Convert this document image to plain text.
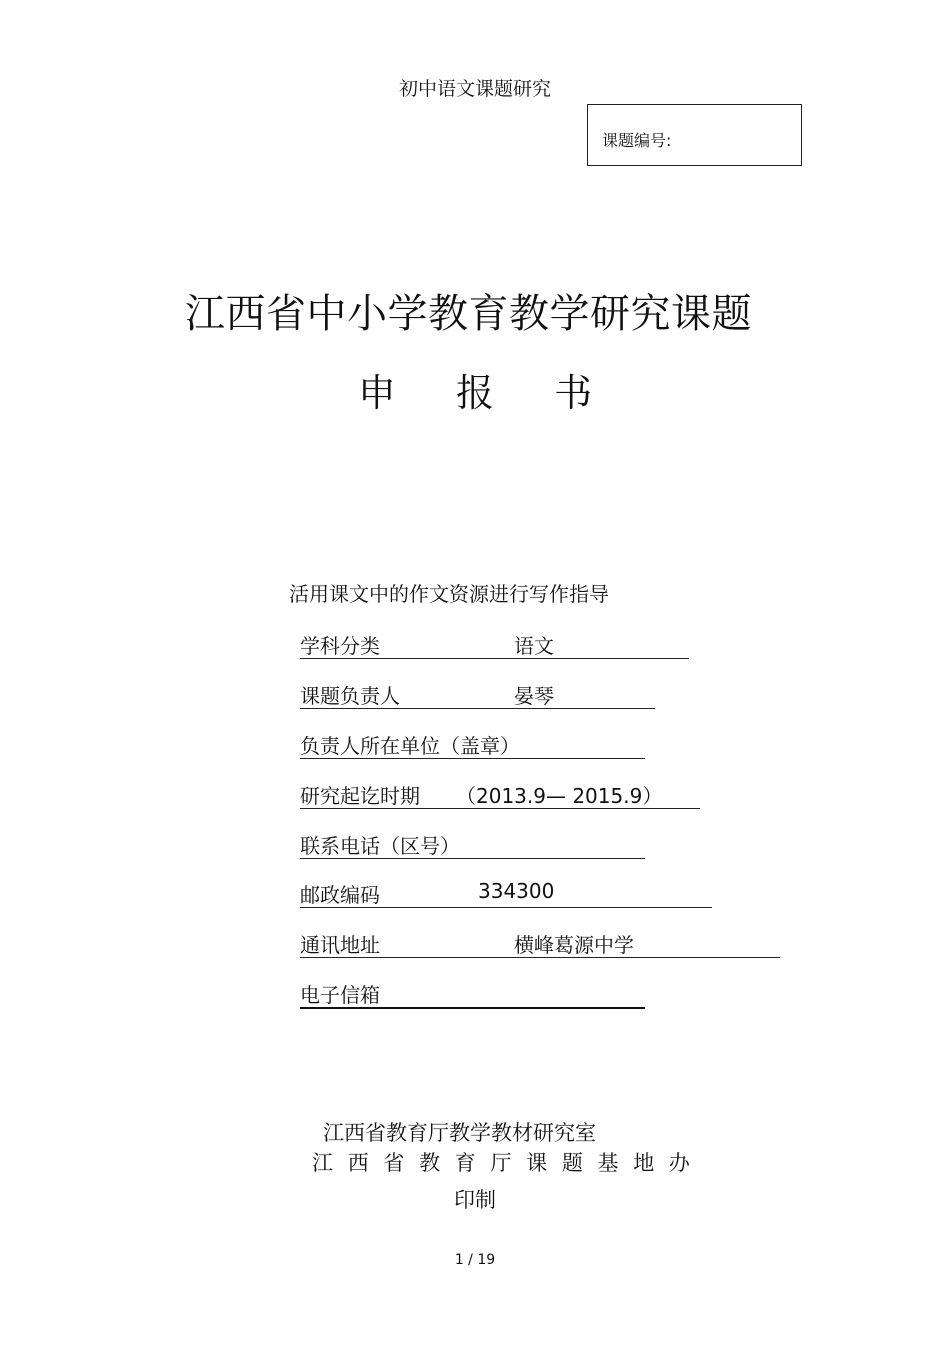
初中语文课题研究
课题编号:
江西省中小学教育教学研究课题
申 报 书
活用课文中的作文资源进行写作指导
学科分类	语文
课题负责人	晏琴
负责人所在单位（盖章）
研究起讫时期 （2013.9— 2015.9）
联系电话（区号）
邮政编码	334300
通讯地址	横峰葛源中学
电子信箱
江西省教育厅教学教材研究室
江 西 省 教 育 厅 课 题 基 地 办
印制
1 / 19
